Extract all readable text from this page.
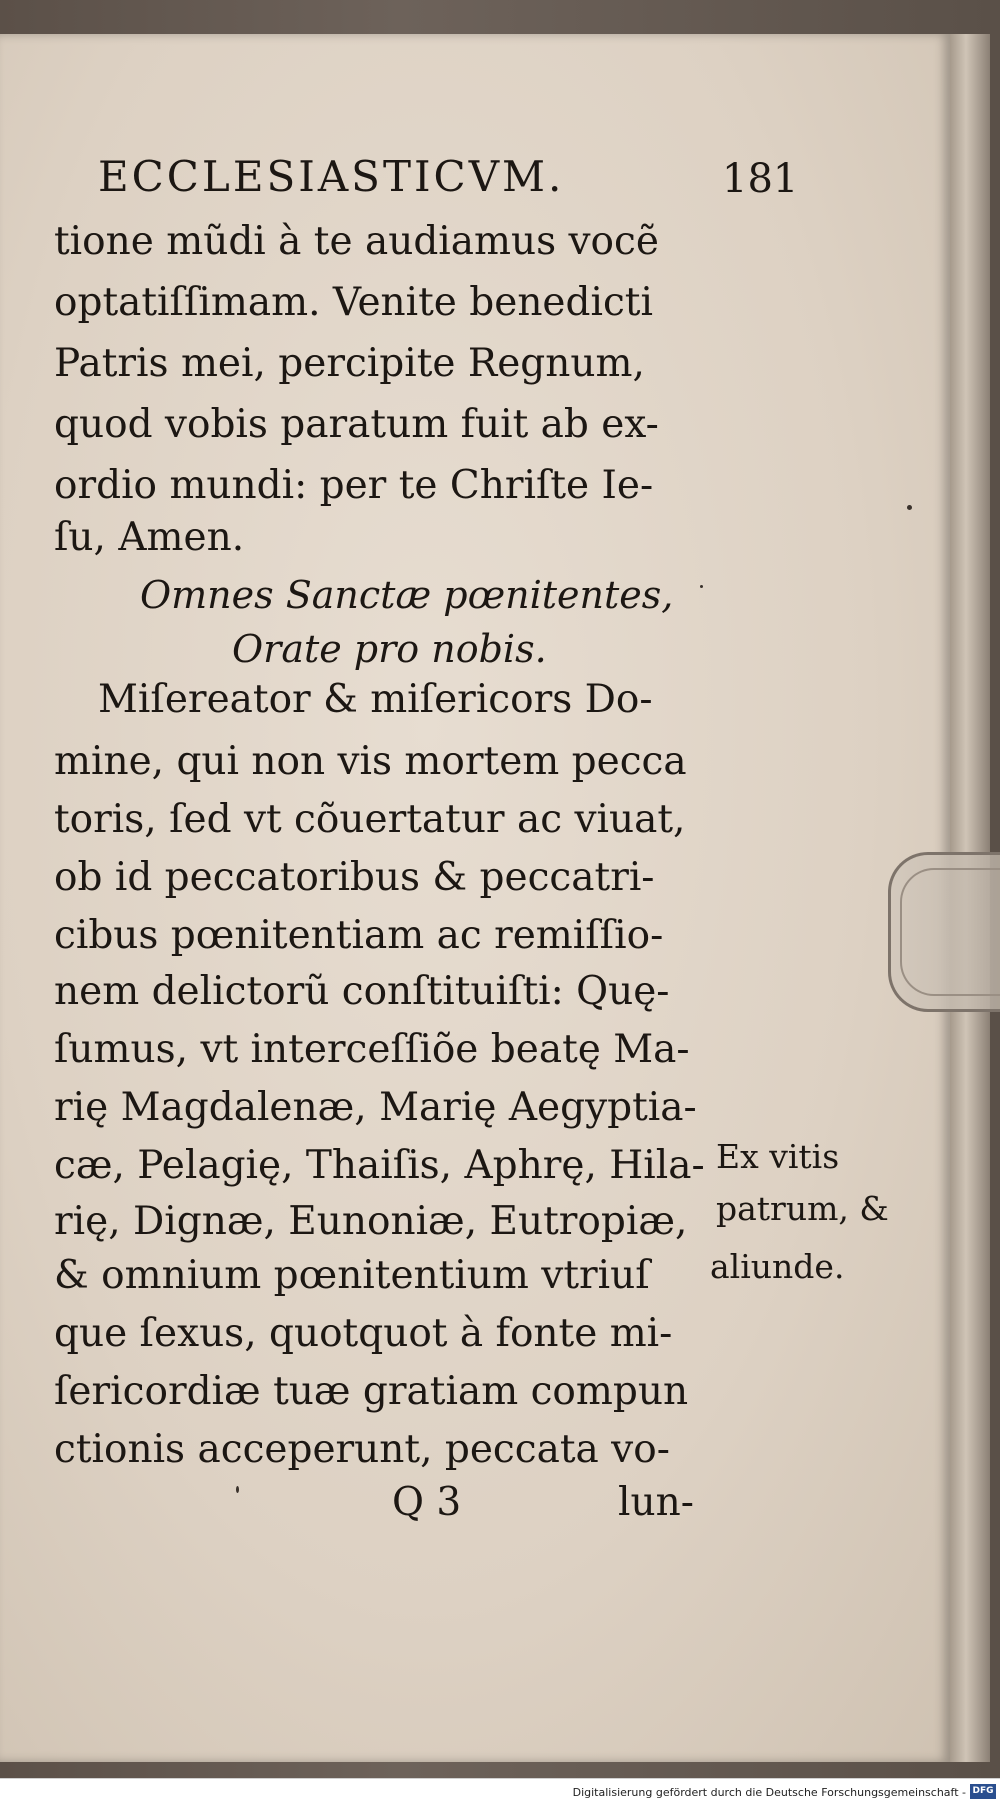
ECCLESIASTICVM.	181
tione mũdi à te audiamus vocẽ
optatiſſimam. Venite benedicti
Patris mei, percipite Regnum,
quod vobis paratum fuit ab ex-
ordio mundi: per te Chriſte Ie-
ſu, Amen.
Omnes Sanctæ pœnitentes,
Orate pro nobis.
Miſereator & miſericors Do-
mine, qui non vis mortem pecca
toris, ſed vt cõuertatur ac viuat,
ob id peccatoribus & peccatri-
cibus pœnitentiam ac remiſſio-
nem delictorũ conſtituiſti: Quę-
ſumus, vt interceſſiõe beatę Ma-
rię Magdalenæ, Marię Aegyptia-
cæ, Pelagię, Thaiſis, Aphrę, Hila-
rię, Dignæ, Eunoniæ, Eutropiæ,
& omnium pœnitentium vtriuſ
que ſexus, quotquot à fonte mi-
ſericordiæ tuæ gratiam compun
ctionis acceperunt, peccata vo-
Ex vitis
patrum, &
aliunde.
Q 3	lun-
Digitalisierung gefördert durch die Deutsche Forschungsgemeinschaft - DFG
